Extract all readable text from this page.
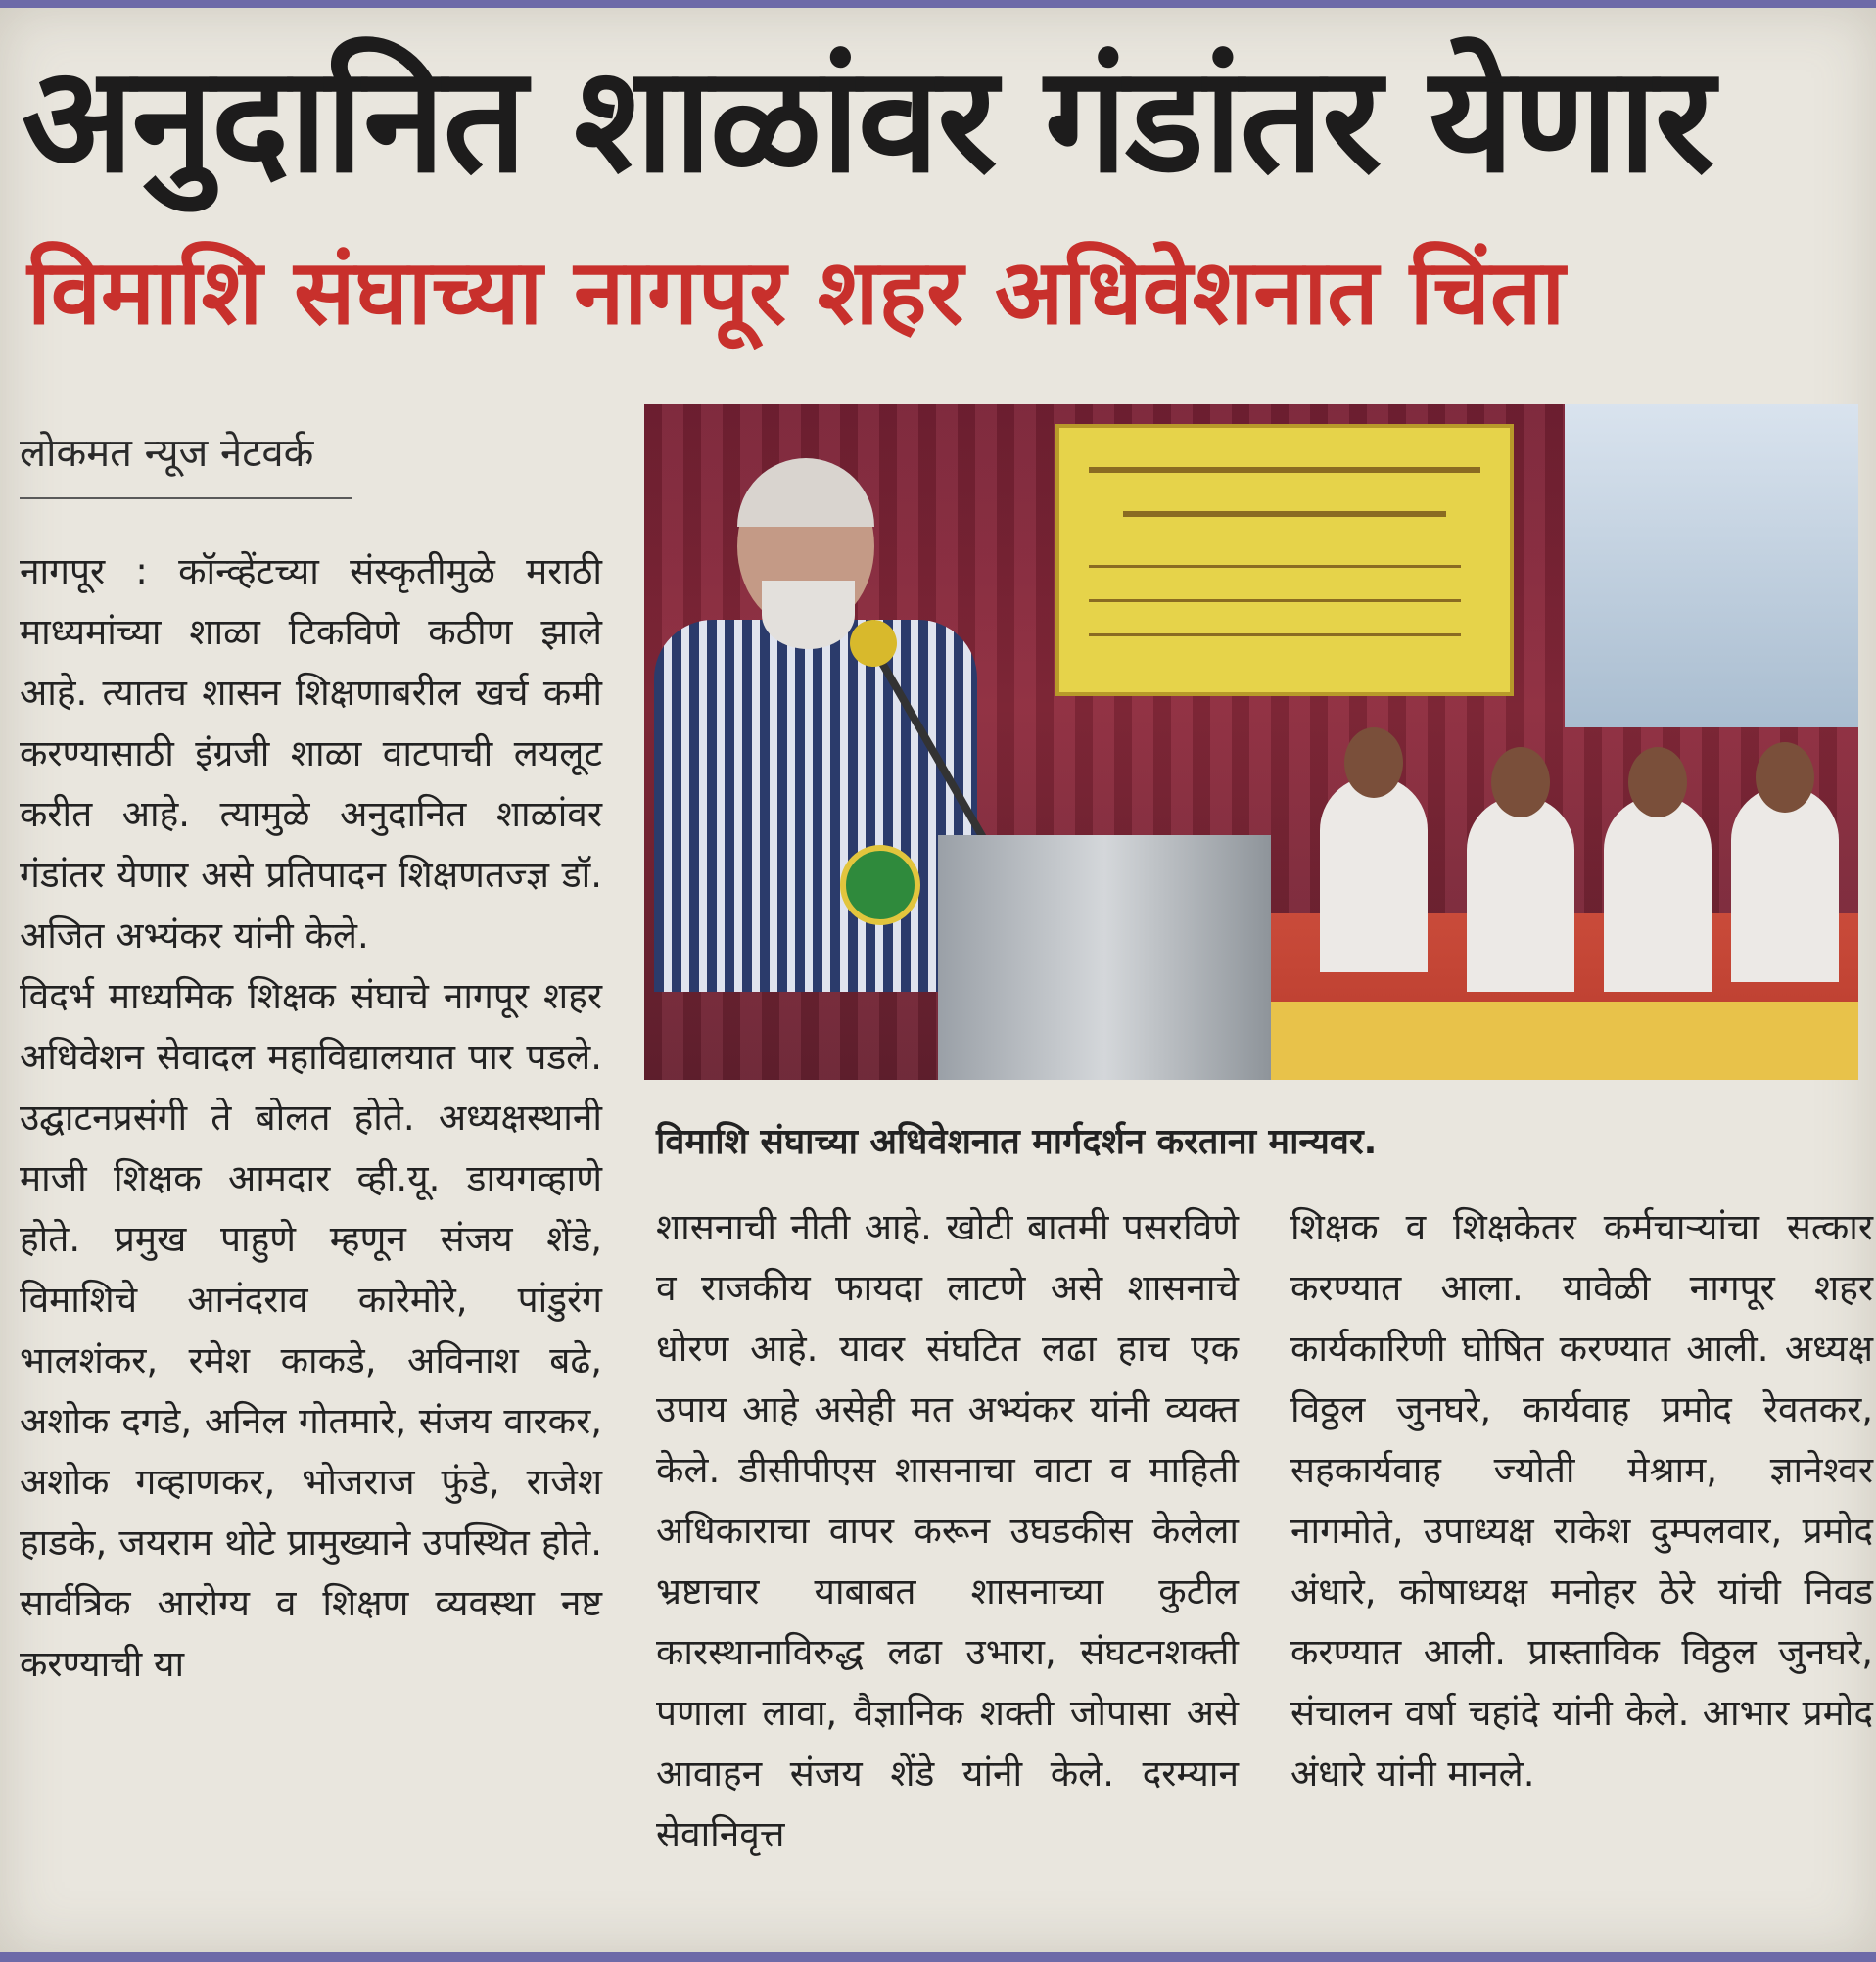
अनुदानित शाळांवर गंडांतर येणार
विमाशि संघाच्या नागपूर शहर अधिवेशनात चिंता
लोकमत न्यूज नेटवर्क
नागपूर : कॉन्व्हेंटच्या संस्कृतीमुळे मराठी माध्यमांच्या शाळा टिकविणे कठीण झाले आहे. त्यातच शासन शिक्षणाबरील खर्च कमी करण्यासाठी इंग्रजी शाळा वाटपाची लयलूट करीत आहे. त्यामुळे अनुदानित शाळांवर गंडांतर येणार असे प्रतिपादन शिक्षणतज्ज्ञ डॉ. अजित अभ्यंकर यांनी केले.
विदर्भ माध्यमिक शिक्षक संघाचे नागपूर शहर अधिवेशन सेवादल महाविद्यालयात पार पडले. उद्घाटनप्रसंगी ते बोलत होते. अध्यक्षस्थानी माजी शिक्षक आमदार व्ही.यू. डायगव्हाणे होते. प्रमुख पाहुणे म्हणून संजय शेंडे, विमाशिचे आनंदराव कारेमोरे, पांडुरंग भालशंकर, रमेश काकडे, अविनाश बढे, अशोक दगडे, अनिल गोतमारे, संजय वारकर, अशोक गव्हाणकर, भोजराज फुंडे, राजेश हाडके, जयराम थोटे प्रामुख्याने उपस्थित होते. सार्वत्रिक आरोग्य व शिक्षण व्यवस्था नष्ट करण्याची या
विमाशि संघाच्या अधिवेशनात मार्गदर्शन करताना मान्यवर.
शासनाची नीती आहे. खोटी बातमी पसरविणे व राजकीय फायदा लाटणे असे शासनाचे धोरण आहे. यावर संघटित लढा हाच एक उपाय आहे असेही मत अभ्यंकर यांनी व्यक्त केले. डीसीपीएस शासनाचा वाटा व माहिती अधिकाराचा वापर करून उघडकीस केलेला भ्रष्टाचार याबाबत शासनाच्या कुटील कारस्थानाविरुद्ध लढा उभारा, संघटनशक्ती पणाला लावा, वैज्ञानिक शक्ती जोपासा असे आवाहन संजय शेंडे यांनी केले. दरम्यान सेवानिवृत्त
शिक्षक व शिक्षकेतर कर्मचाऱ्यांचा सत्कार करण्यात आला. यावेळी नागपूर शहर कार्यकारिणी घोषित करण्यात आली. अध्यक्ष विठ्ठल जुनघरे, कार्यवाह प्रमोद रेवतकर, सहकार्यवाह ज्योती मेश्राम, ज्ञानेश्वर नागमोते, उपाध्यक्ष राकेश दुम्पलवार, प्रमोद अंधारे, कोषाध्यक्ष मनोहर ठेरे यांची निवड करण्यात आली. प्रास्ताविक विठ्ठल जुनघरे, संचालन वर्षा चहांदे यांनी केले. आभार प्रमोद अंधारे यांनी मानले.
